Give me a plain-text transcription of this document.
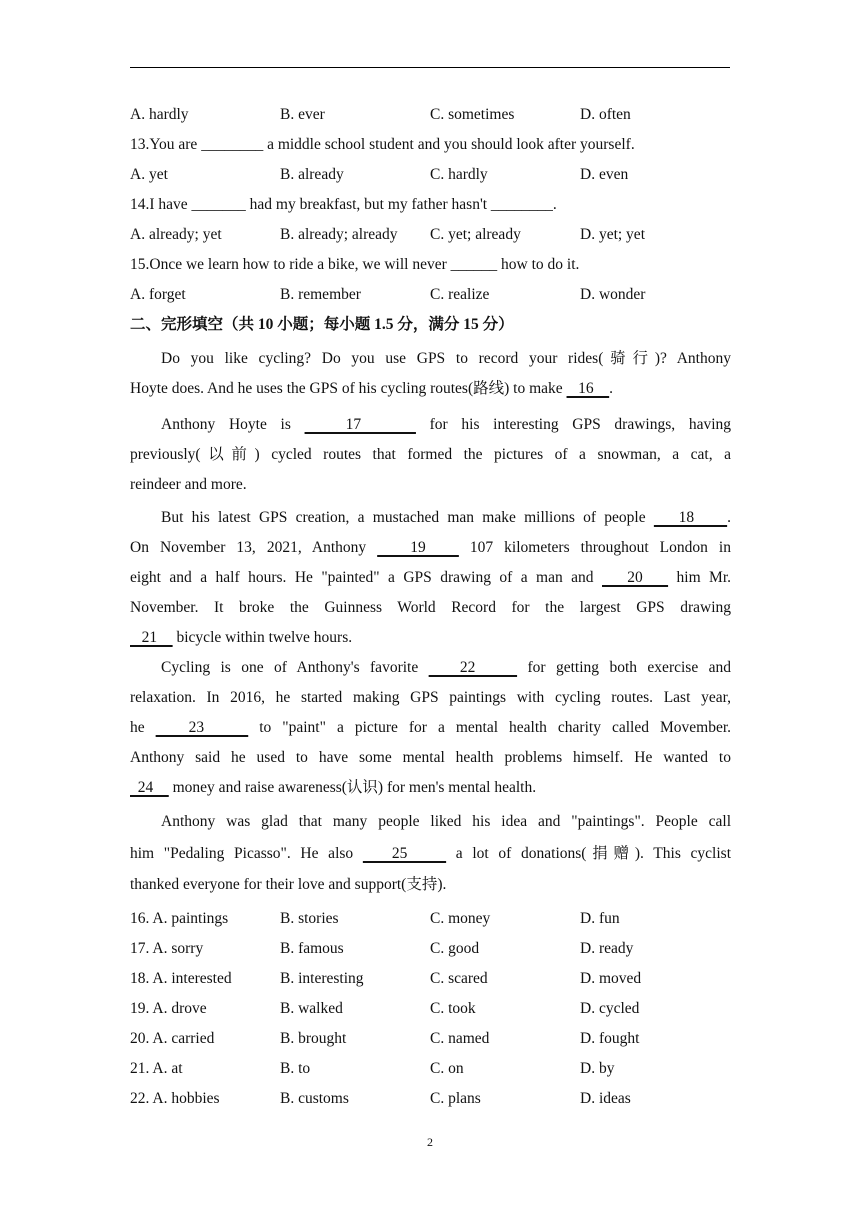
A. hardly	B. ever	C. sometimes	D. often
13.You are ________ a middle school student and you should look after yourself.
A. yet	B. already	C. hardly	D. even
14.I have _______ had my breakfast, but my father hasn't ________.
A. already; yet	B. already; already C. yet; already	D. yet; yet
15.Once we learn how to ride a bike, we will never ______ how to do it.
A. forget	B. remember	C. realize	D. wonder
二、完形填空（共 10 小题；每小题 1.5 分，满分 15 分）
Do you like cycling? Do you use GPS to record your rides(骑行)? Anthony
Hoyte does. And he uses the GPS of his cycling routes(路线) to make    16    .
Anthony Hoyte is    17     for his interesting GPS drawings, having
previously(以前) cycled routes that formed the pictures of a snowman, a cat, a
reindeer and more.
But his latest GPS creation, a mustached man make millions of people    18    .
On November 13, 2021, Anthony    19    107 kilometers throughout London in
eight and a half hours. He "painted" a GPS drawing of a man and    20    him Mr.
November. It broke the Guinness World Record for the largest GPS drawing
21     bicycle within twelve hours.
Cycling is one of Anthony's favorite    22     for getting both exercise and
relaxation. In 2016, he started making GPS paintings with cycling routes. Last year,
he    23     to "paint" a picture for a mental health charity called Movember.
Anthony said he used to have some mental health problems himself. He wanted to
24     money and raise awareness(认识) for men's mental health.
Anthony was glad that many people liked his idea and "paintings". People call
him "Pedaling Picasso". He also    25     a lot of donations(捐赠). This cyclist
thanked everyone for their love and support(支持).
16. A. paintings	B. stories	C. money	D. fun
17. A. sorry	B. famous	C. good	D. ready
18. A. interested	B. interesting	C. scared	D. moved
19. A. drove	B. walked	C. took	D. cycled
20. A. carried	B. brought	C. named	D. fought
21. A. at	B. to	C. on	D. by
22. A. hobbies	B. customs	C. plans	D. ideas
2
